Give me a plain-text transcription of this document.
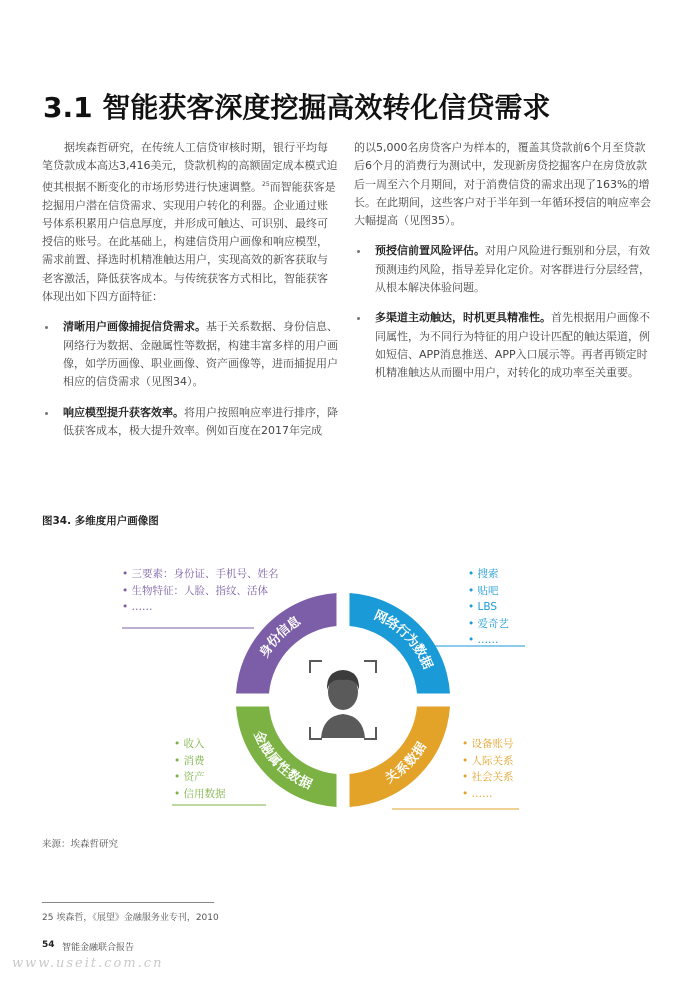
3.1 智能获客深度挖掘高效转化信贷需求

据埃森哲研究，在传统人工信贷审核时期，银行平均每笔贷款成本高达3,416美元，贷款机构的高额固定成本模式迫使其根据不断变化的市场形势进行快速调整。$^{25}$而智能获客是挖掘用户潜在信贷需求、实现用户转化的利器。企业通过账号体系积累用户信息厚度，并形成可触达、可识别、最终可授信的账号。在此基础上，构建信贷用户画像和响应模型，需求前置、择选时机精准触达用户，实现高效的新客获取与老客激活，降低获客成本。与传统获客方式相比，智能获客体现出如下四方面特征：

清晰用户画像捕捉信贷需求。基于关系数据、身份信息、网络行为数据、金融属性等数据，构建丰富多样的用户画像，如学历画像、职业画像、资产画像等，进而捕捉用户相应的信贷需求（见图34）。

响应模型提升获客效率。将用户按照响应率进行排序，降低获客成本，极大提升效率。例如百度在2017年完成

的以5,000名房贷客户为样本的，覆盖其贷款前6个月至贷款后6个月的消费行为测试中，发现新房贷挖掘客户在房贷放款后一周至六个月期间，对于消费信贷的需求出现了163%的增长。在此期间，这些客户对于半年到一年循环授信的响应率会大幅提高（见图35）。

预授信前置风险评估。对用户风险进行甄别和分层，有效预测违约风险，指导差异化定价。对客群进行分层经营，从根本解决体验问题。

多渠道主动触达，时机更具精准性。首先根据用户画像不同属性，为不同行为特征的用户设计匹配的触达渠道，例如短信、APP消息推送、APP入口展示等。再者再锁定时机精准触达从而圈中用户，对转化的成功率至关重要。

图34. 多维度用户画像图
身份信息	网络行为数据
金融属性数据	关系数据
• 三要素：身份证、手机号、姓名
• 生物特征：人脸、指纹、活体
• ……
• 搜索
• 贴吧
• LBS
• 爱奇艺
• ……
• 收入
• 消费
• 资产
• 信用数据
• 设备账号
• 人际关系
• 社会关系
• ……
来源：埃森哲研究
25 埃森哲，《展望》金融服务业专刊，2010
54 智能金融联合报告
www.useit.com.cn
